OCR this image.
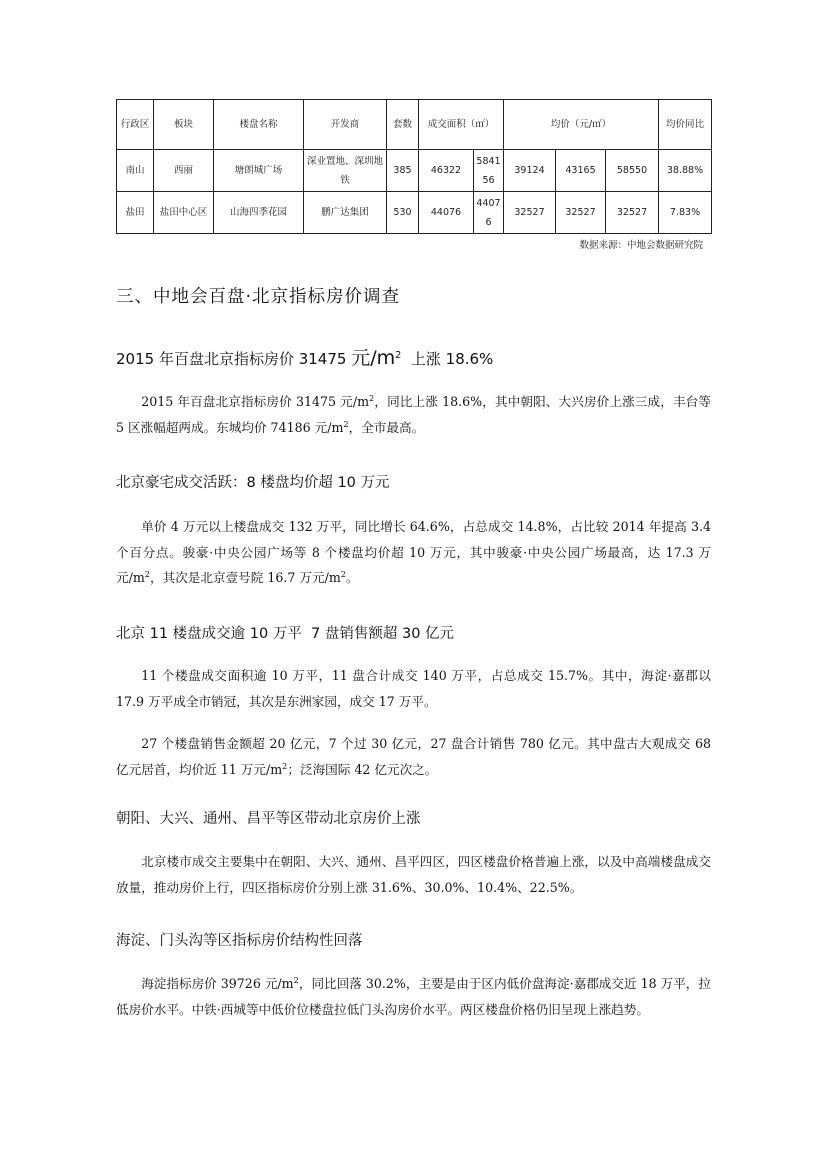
行政区	板块	楼盘名称	开发商	套数	成交面积（㎡）		均价（元/㎡）			均价同比
南山	西丽	塘朗城广场	深业置地、深圳地铁	385	46322	584156	39124	43165	58550	38.88%
盐田	盐田中心区	山海四季花园	鹏广达集团	530	44076	44076	32527	32527	32527	7.83%
数据来源：中地会数据研究院
三、中地会百盘·北京指标房价调查
2015 年百盘北京指标房价 31475 元$/m^2$  上涨 18.6%

2015 年百盘北京指标房价 31475 元$/m^2$，同比上涨 18.6%，其中朝阳、大兴房价上涨三成，丰台等 5 区涨幅超两成。东城均价 74186 元$/m^2$，全市最高。

北京豪宅成交活跃：8 楼盘均价超 10 万元

单价 4 万元以上楼盘成交 132 万平，同比增长 64.6%，占总成交 14.8%，占比较 2014 年提高 3.4 个百分点。骏豪·中央公园广场等 8 个楼盘均价超 10 万元，其中骏豪·中央公园广场最高，达 17.3 万元$/m^2$，其次是北京壹号院 16.7 万元$/m^2$。

北京 11 楼盘成交逾 10 万平  7 盘销售额超 30 亿元

11 个楼盘成交面积逾 10 万平，11 盘合计成交 140 万平，占总成交 15.7%。其中，海淀·嘉郡以 17.9 万平成全市销冠，其次是东洲家园，成交 17 万平。

27 个楼盘销售金额超 20 亿元，7 个过 30 亿元，27 盘合计销售 780 亿元。其中盘古大观成交 68 亿元居首，均价近 11 万元$/m^2$；泛海国际 42 亿元次之。

朝阳、大兴、通州、昌平等区带动北京房价上涨

北京楼市成交主要集中在朝阳、大兴、通州、昌平四区，四区楼盘价格普遍上涨，以及中高端楼盘成交放量，推动房价上行，四区指标房价分别上涨 31.6%、30.0%、10.4%、22.5%。

海淀、门头沟等区指标房价结构性回落

海淀指标房价 39726 元$/m^2$，同比回落 30.2%，主要是由于区内低价盘海淀·嘉郡成交近 18 万平，拉低房价水平。中铁·西城等中低价位楼盘拉低门头沟房价水平。两区楼盘价格仍旧呈现上涨趋势。
